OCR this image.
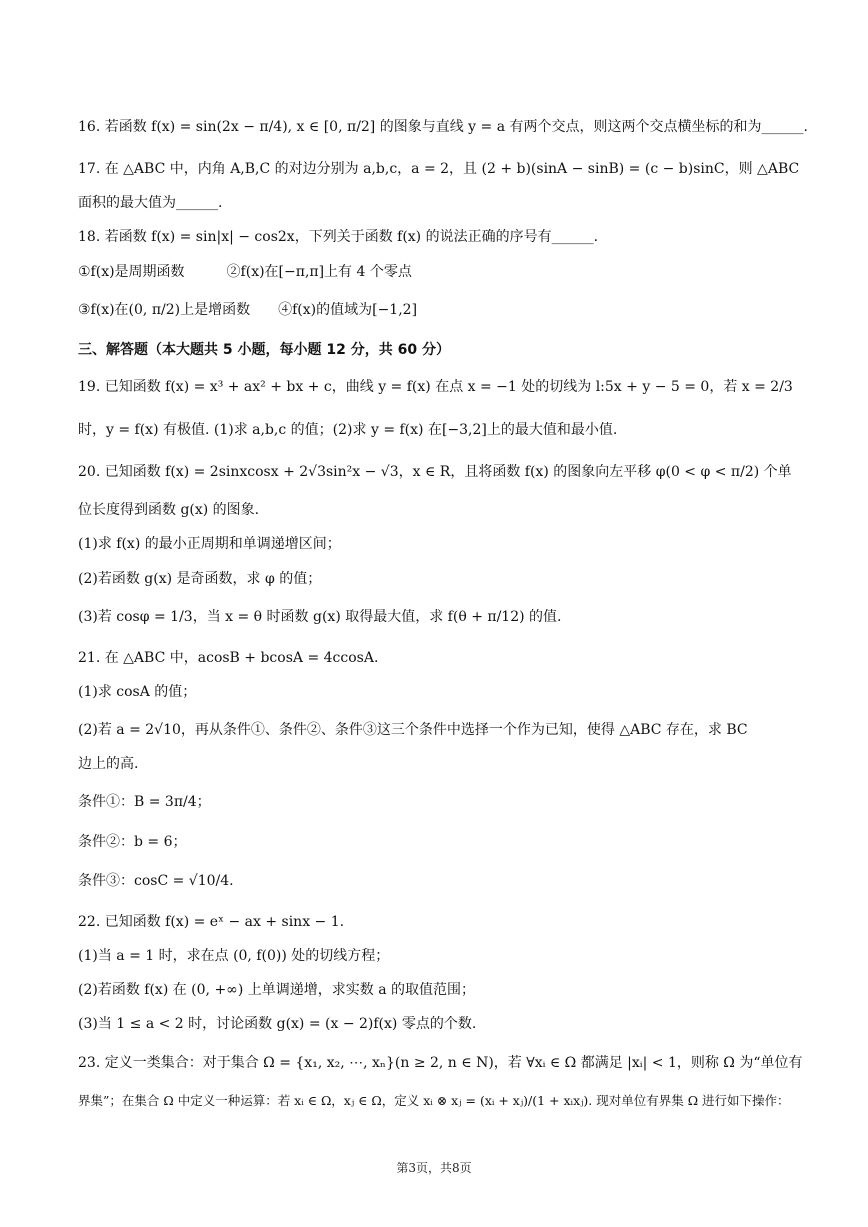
16. 若函数 f(x) = sin(2x − π/4), x ∈ [0, π/2] 的图象与直线 y = a 有两个交点，则这两个交点横坐标的和为______.
17. 在 △ABC 中，内角 A,B,C 的对边分别为 a,b,c，a = 2，且 (2 + b)(sinA − sinB) = (c − b)sinC，则 △ABC
面积的最大值为______.
18. 若函数 f(x) = sin|x| − cos2x，下列关于函数 f(x) 的说法正确的序号有______.
①f(x)是周期函数　　　②f(x)在[−π,π]上有 4 个零点
③f(x)在(0, π/2)上是增函数　　④f(x)的值域为[−1,2]
三、解答题（本大题共 5 小题，每小题 12 分，共 60 分）
19. 已知函数 f(x) = x³ + ax² + bx + c，曲线 y = f(x) 在点 x = −1 处的切线为 l:5x + y − 5 = 0，若 x = 2/3
时，y = f(x) 有极值. (1)求 a,b,c 的值；(2)求 y = f(x) 在[−3,2]上的最大值和最小值.
20. 已知函数 f(x) = 2sinxcosx + 2√3sin²x − √3，x ∈ R，且将函数 f(x) 的图象向左平移 φ(0 < φ < π/2) 个单
位长度得到函数 g(x) 的图象.
(1)求 f(x) 的最小正周期和单调递增区间；
(2)若函数 g(x) 是奇函数，求 φ 的值；
(3)若 cosφ = 1/3，当 x = θ 时函数 g(x) 取得最大值，求 f(θ + π/12) 的值.
21. 在 △ABC 中，acosB + bcosA = 4ccosA.
(1)求 cosA 的值；
(2)若 a = 2√10，再从条件①、条件②、条件③这三个条件中选择一个作为已知，使得 △ABC 存在，求 BC
边上的高.
条件①：B = 3π/4；
条件②：b = 6；
条件③：cosC = √10/4.
22. 已知函数 f(x) = eˣ − ax + sinx − 1.
(1)当 a = 1 时，求在点 (0, f(0)) 处的切线方程；
(2)若函数 f(x) 在 (0, +∞) 上单调递增，求实数 a 的取值范围；
(3)当 1 ≤ a < 2 时，讨论函数 g(x) = (x − 2)f(x) 零点的个数.
23. 定义一类集合：对于集合 Ω = {x₁, x₂, ⋯, xₙ}(n ≥ 2, n ∈ N)，若 ∀xᵢ ∈ Ω 都满足 |xᵢ| < 1，则称 Ω 为“单位有
界集”；在集合 Ω 中定义一种运算：若 xᵢ ∈ Ω，xⱼ ∈ Ω，定义 xᵢ ⊗ xⱼ = (xᵢ + xⱼ)/(1 + xᵢxⱼ). 现对单位有界集 Ω 进行如下操作：
第3页，共8页
